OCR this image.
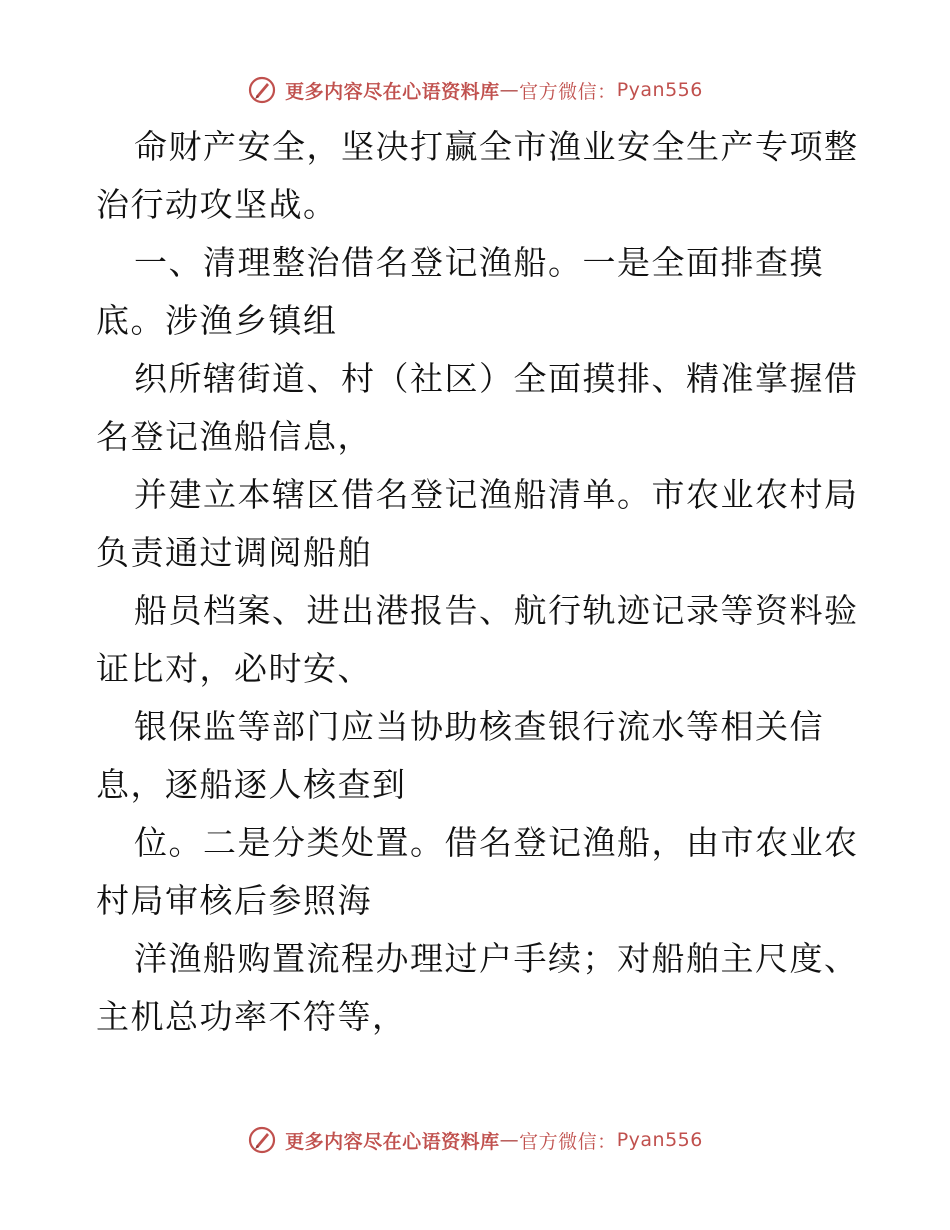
更多内容尽在心语资料库 — 官方微信： Pyan556
命财产安全，坚决打赢全市渔业安全生产专项整
治行动攻坚战。
一、清理整治借名登记渔船。一是全面排查摸
底。涉渔乡镇组
织所辖街道、村（社区）全面摸排、精准掌握借
名登记渔船信息，
并建立本辖区借名登记渔船清单。市农业农村局
负责通过调阅船舶
船员档案、进出港报告、航行轨迹记录等资料验
证比对，必时安、
银保监等部门应当协助核查银行流水等相关信
息，逐船逐人核查到
位。二是分类处置。借名登记渔船，由市农业农
村局审核后参照海
洋渔船购置流程办理过户手续；对船舶主尺度、
主机总功率不符等，
更多内容尽在心语资料库 — 官方微信： Pyan556
